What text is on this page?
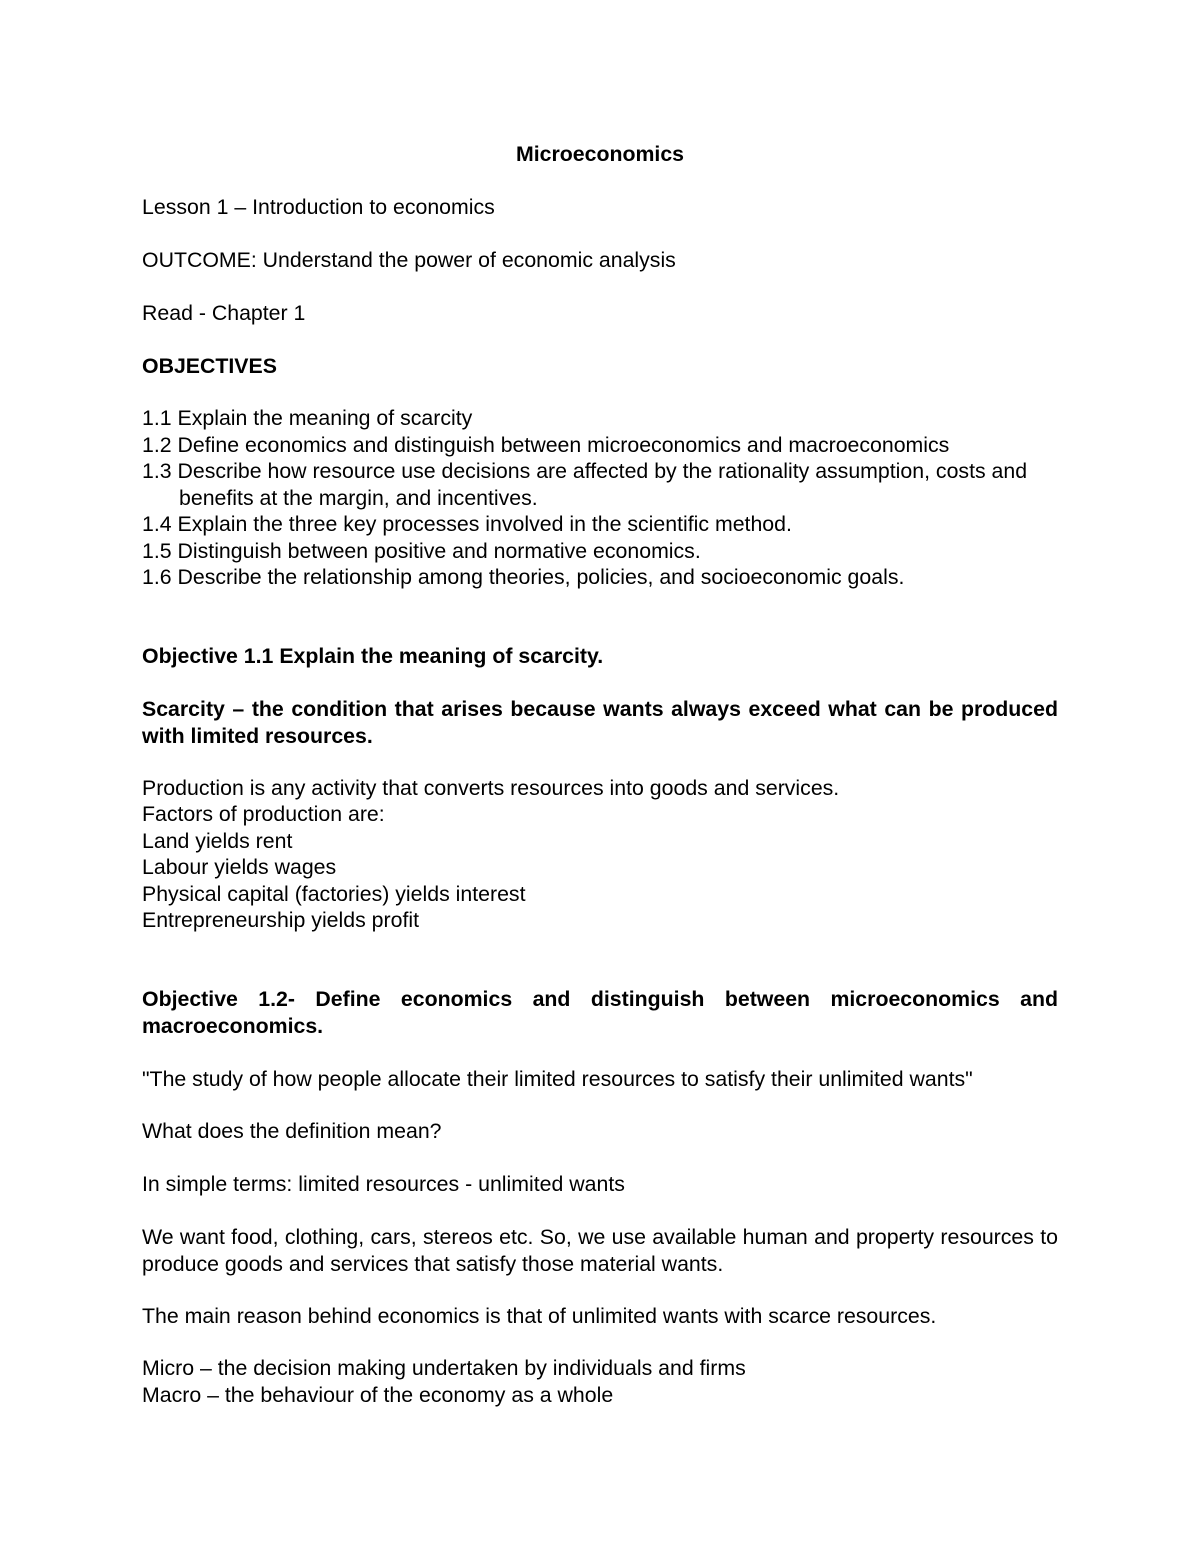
Microeconomics
Lesson 1 – Introduction to economics
OUTCOME: Understand the power of economic analysis
Read - Chapter 1
OBJECTIVES
1.1 Explain the meaning of scarcity
1.2 Define economics and distinguish between microeconomics and macroeconomics
1.3 Describe how resource use decisions are affected by the rationality assumption, costs and benefits at the margin, and incentives.
1.4 Explain the three key processes involved in the scientific method.
1.5 Distinguish between positive and normative economics.
1.6 Describe the relationship among theories, policies, and socioeconomic goals.
Objective 1.1 Explain the meaning of scarcity.
Scarcity – the condition that arises because wants always exceed what can be produced with limited resources.
Production is any activity that converts resources into goods and services.
Factors of production are:
Land yields rent
Labour yields wages
Physical capital (factories) yields interest
Entrepreneurship yields profit
Objective 1.2- Define economics and distinguish between microeconomics and macroeconomics.
"The study of how people allocate their limited resources to satisfy their unlimited wants"
What does the definition mean?
In simple terms: limited resources - unlimited wants
We want food, clothing, cars, stereos etc. So, we use available human and property resources to produce goods and services that satisfy those material wants.
The main reason behind economics is that of unlimited wants with scarce resources.
Micro – the decision making undertaken by individuals and firms
Macro – the behaviour of the economy as a whole
